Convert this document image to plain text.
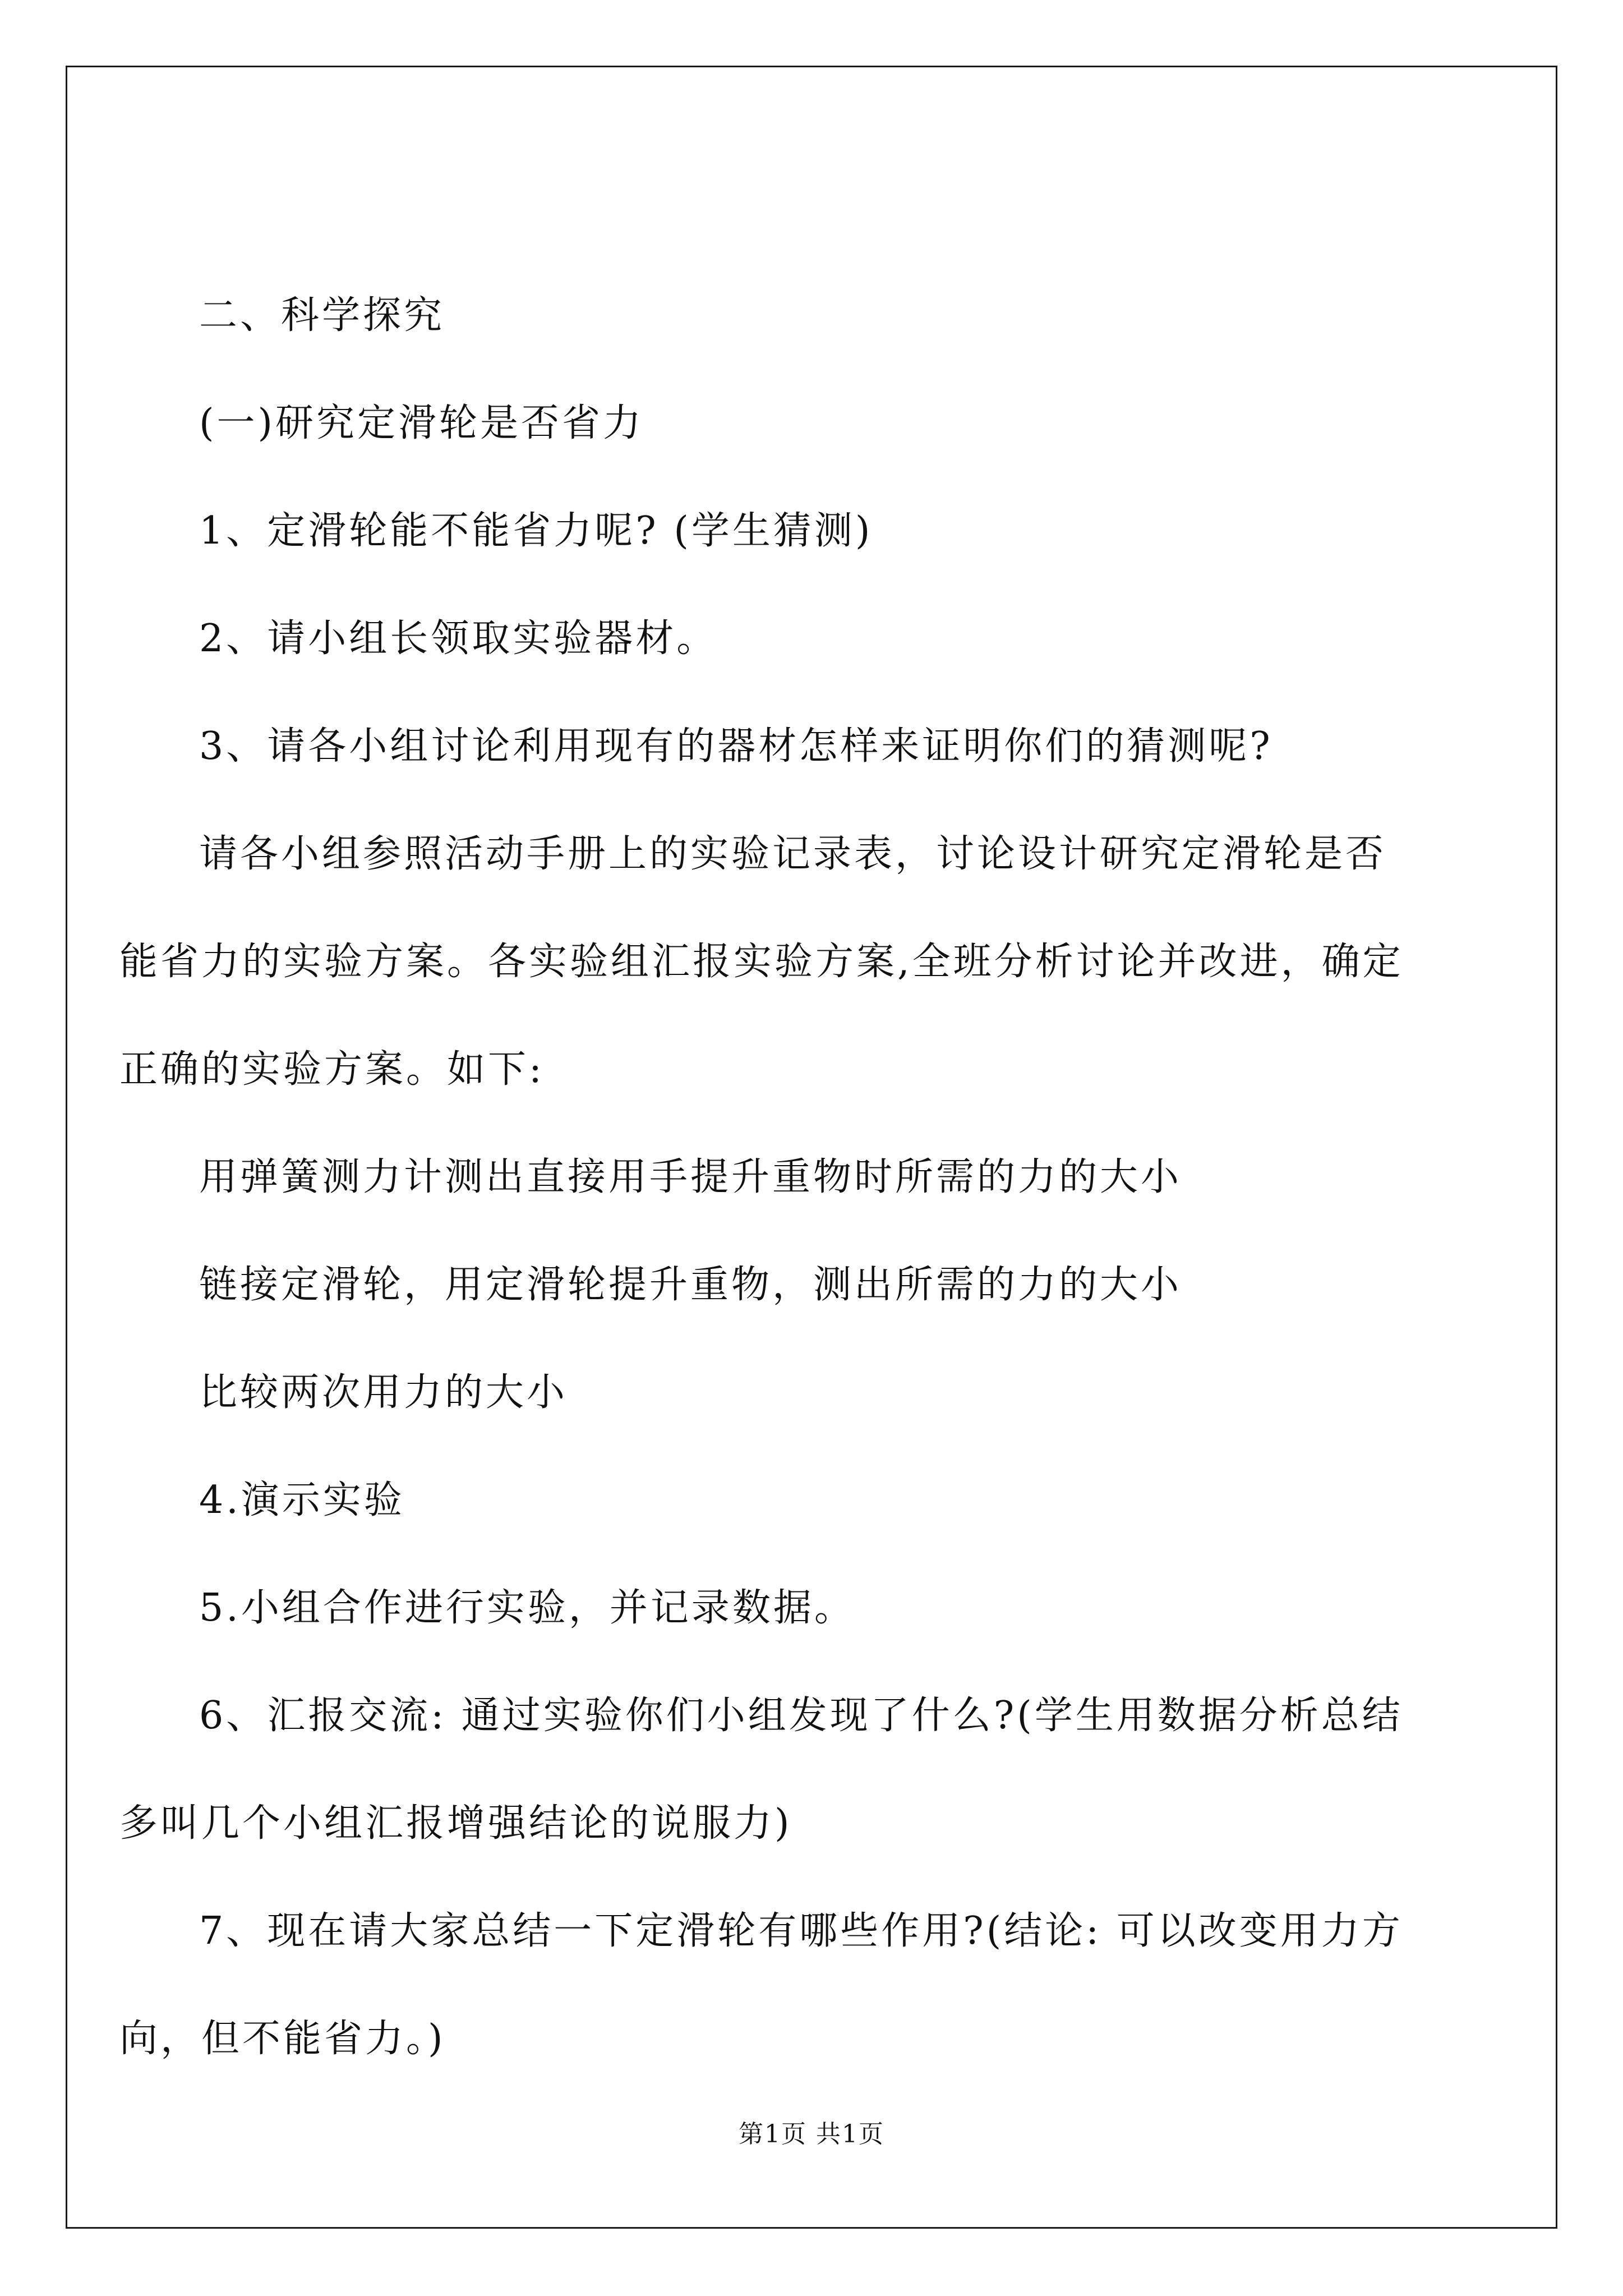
二、科学探究

(一)研究定滑轮是否省力

1、定滑轮能不能省力呢? (学生猜测)

2、请小组长领取实验器材。

3、请各小组讨论利用现有的器材怎样来证明你们的猜测呢?

请各小组参照活动手册上的实验记录表，讨论设计研究定滑轮是否能省力的实验方案。各实验组汇报实验方案,全班分析讨论并改进，确定正确的实验方案。如下:

用弹簧测力计测出直接用手提升重物时所需的力的大小

链接定滑轮，用定滑轮提升重物，测出所需的力的大小

比较两次用力的大小

4.演示实验

5.小组合作进行实验，并记录数据。

6、汇报交流: 通过实验你们小组发现了什么?(学生用数据分析总结 多叫几个小组汇报增强结论的说服力)

7、现在请大家总结一下定滑轮有哪些作用?(结论: 可以改变用力方向，但不能省力。)

第1页 共1页
